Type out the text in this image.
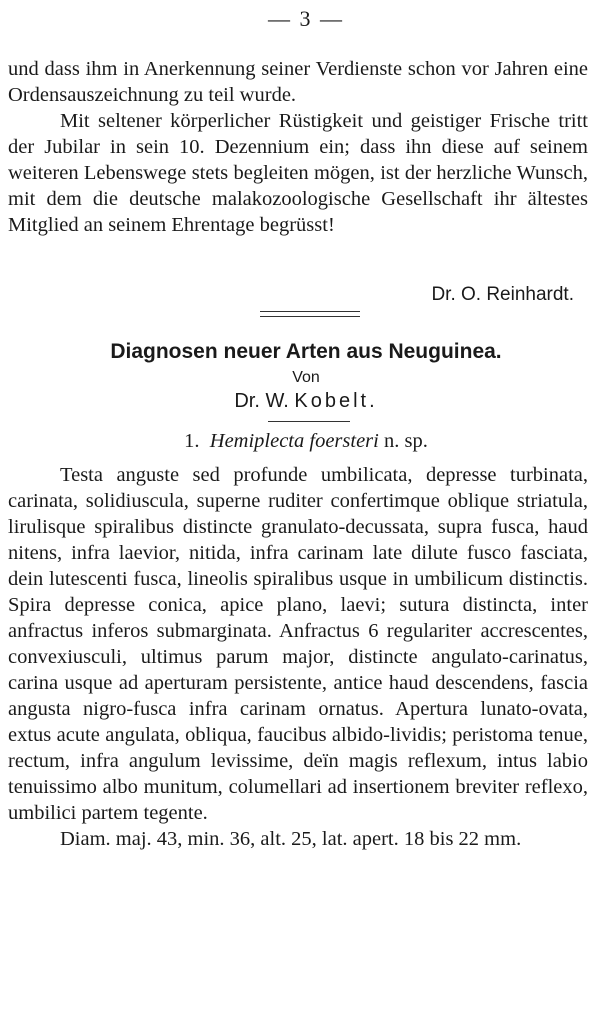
— 3 —

und dass ihm in Anerkennung seiner Verdienste schon vor Jahren eine Ordensauszeichnung zu teil wurde.

Mit seltener körperlicher Rüstigkeit und geistiger Frische tritt der Jubilar in sein 10. Dezennium ein; dass ihn diese auf seinem weiteren Lebenswege stets begleiten mögen, ist der herzliche Wunsch, mit dem die deutsche malakozoologische Gesellschaft ihr ältestes Mitglied an seinem Ehrentage begrüsst!

Dr. O. Reinhardt.
Diagnosen neuer Arten aus Neuguinea.
Von
Dr. W. Kobelt.
1. Hemiplecta foersteri n. sp.

Testa anguste sed profunde umbilicata, depresse turbinata, carinata, solidiuscula, superne ruditer confertimque oblique striatula, lirulisque spiralibus distincte granulato-decussata, supra fusca, haud nitens, infra laevior, nitida, infra carinam late dilute fusco fasciata, dein lutescenti fusca, lineolis spiralibus usque in umbilicum distinctis. Spira depresse conica, apice plano, laevi; sutura distincta, inter anfractus inferos submarginata. Anfractus 6 regulariter accrescentes, convexiusculi, ultimus parum major, distincte angulato-carinatus, carina usque ad aperturam persistente, antice haud descendens, fascia angusta nigro-fusca infra carinam ornatus. Apertura lunato-ovata, extus acute angulata, obliqua, faucibus albido-lividis; peristoma tenue, rectum, infra angulum levissime, deïn magis reflexum, intus labio tenuissimo albo munitum, columellari ad insertionem breviter reflexo, umbilici partem tegente.

Diam. maj. 43, min. 36, alt. 25, lat. apert. 18 bis 22 mm.
